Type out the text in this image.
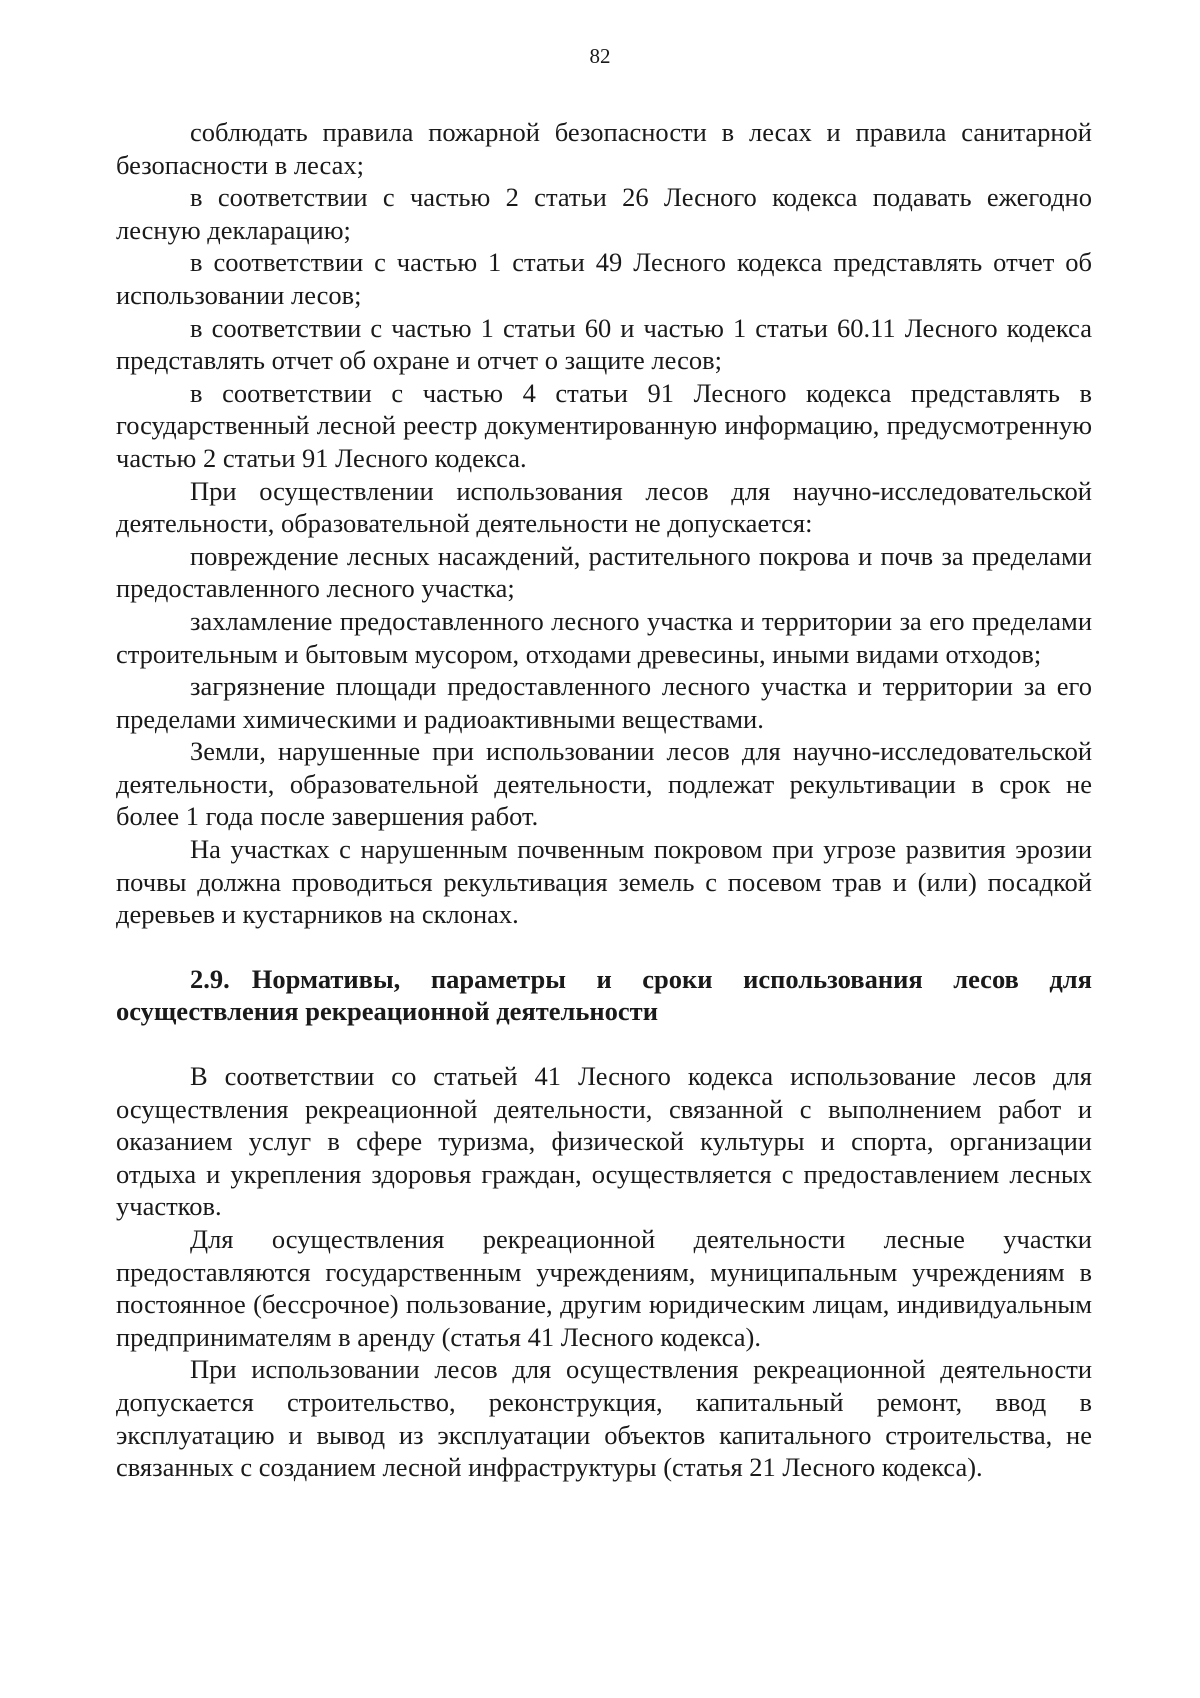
82

соблюдать правила пожарной безопасности в лесах и правила санитарной безопасности в лесах;

в соответствии с частью 2 статьи 26 Лесного кодекса подавать ежегодно лесную декларацию;

в соответствии с частью 1 статьи 49 Лесного кодекса представлять отчет об использовании лесов;

в соответствии с частью 1 статьи 60 и частью 1 статьи 60.11 Лесного кодекса представлять отчет об охране и отчет о защите лесов;

в соответствии с частью 4 статьи 91 Лесного кодекса представлять в государственный лесной реестр документированную информацию, предусмотренную частью 2 статьи 91 Лесного кодекса.

При осуществлении использования лесов для научно-исследовательской деятельности, образовательной деятельности не допускается:

повреждение лесных насаждений, растительного покрова и почв за пределами предоставленного лесного участка;

захламление предоставленного лесного участка и территории за его пределами строительным и бытовым мусором, отходами древесины, иными видами отходов;

загрязнение площади предоставленного лесного участка и территории за его пределами химическими и радиоактивными веществами.

Земли, нарушенные при использовании лесов для научно-исследовательской деятельности, образовательной деятельности, подлежат рекультивации в срок не более 1 года после завершения работ.

На участках с нарушенным почвенным покровом при угрозе развития эрозии почвы должна проводиться рекультивация земель с посевом трав и (или) посадкой деревьев и кустарников на склонах.

2.9. Нормативы, параметры и сроки использования лесов для осуществления рекреационной деятельности

В соответствии со статьей 41 Лесного кодекса использование лесов для осуществления рекреационной деятельности, связанной с выполнением работ и оказанием услуг в сфере туризма, физической культуры и спорта, организации отдыха и укрепления здоровья граждан, осуществляется с предоставлением лесных участков.

Для осуществления рекреационной деятельности лесные участки предоставляются государственным учреждениям, муниципальным учреждениям в постоянное (бессрочное) пользование, другим юридическим лицам, индивидуальным предпринимателям в аренду (статья 41 Лесного кодекса).

При использовании лесов для осуществления рекреационной деятельности допускается строительство, реконструкция, капитальный ремонт, ввод в эксплуатацию и вывод из эксплуатации объектов капитального строительства, не связанных с созданием лесной инфраструктуры (статья 21 Лесного кодекса).
